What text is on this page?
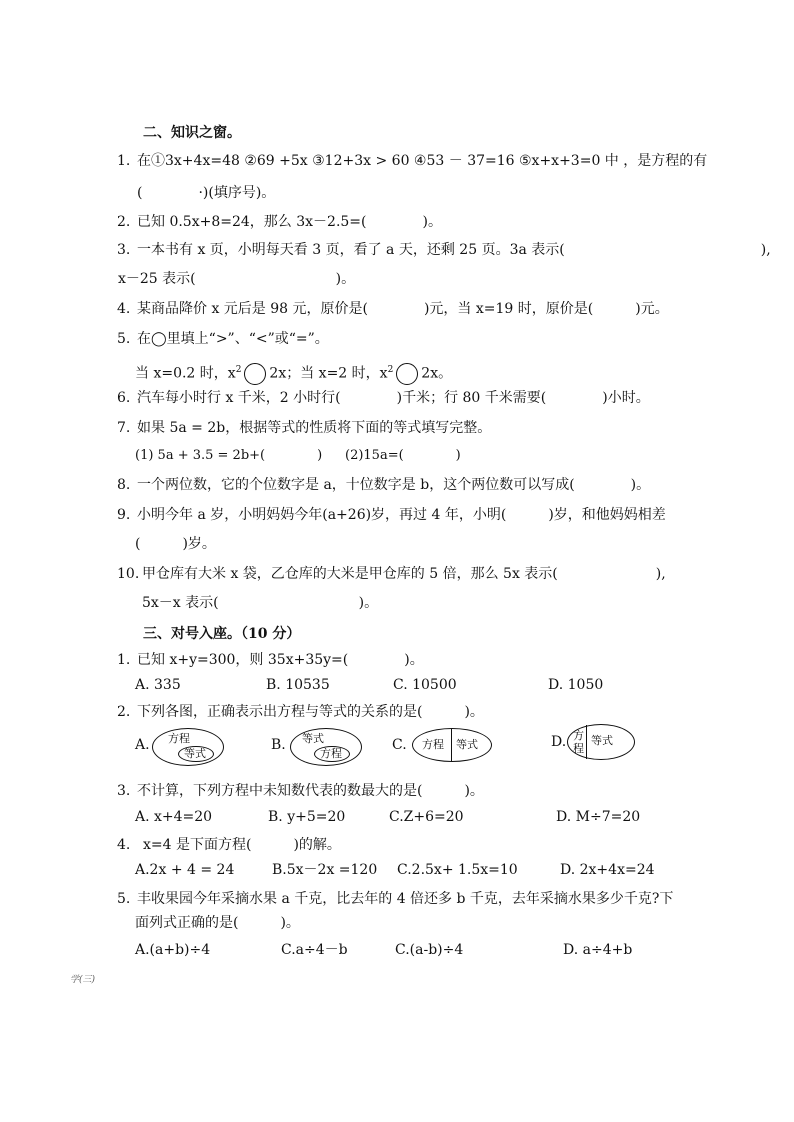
二、知识之窗。
1. 在①3x+4x=48 ②69 +5x ③12+3x > 60 ④53 － 37=16 ⑤x+x+3=0 中 ，是方程的有
(　　　　·)(填序号)。
2. 已知 0.5x+8=24，那么 3x－2.5=(　　　　)。
3. 一本书有 x 页，小明每天看 3 页，看了 a 天，还剩 25 页。3a 表示(　　　　　　　　　　　　　　),
x－25 表示(　　　　　　　　　　)。
4. 某商品降价 x 元后是 98 元，原价是(　　　　)元，当 x=19 时，原价是(　　　)元。
5. 在◯里填上“>”、“<”或“=”。
当 x=0.2 时，$x^2$ 2x；当 x=2 时，$x^2$ 2x。
6. 汽车每小时行 x 千米，2 小时行(　　　　)千米；行 80 千米需要(　　　　)小时。
7. 如果 5a = 2b，根据等式的性质将下面的等式填写完整。
(1) 5a + 3.5 = 2b+(　　　　) (2)15a=(　　　　)
8. 一个两位数，它的个位数字是 a，十位数字是 b，这个两位数可以写成(　　　　)。
9. 小明今年 a 岁，小明妈妈今年(a+26)岁，再过 4 年，小明(　　　)岁，和他妈妈相差
(　　　)岁。
10. 甲仓库有大米 x 袋，乙仓库的大米是甲仓库的 5 倍，那么 5x 表示(　　　　　　　),
5x－x 表示(　　　　　　　　　　)。
三、对号入座。（10 分）
1. 已知 x+y=300，则 35x+35y=(　　　　)。
A. 335	B. 10535	C. 10500	D. 1050
2. 下列各图，正确表示出方程与等式的关系的是(　　　)。
A. 方程
等式
B. 等式
方程
C. 方程 等式	D. 方
程
等式
3. 不计算，下列方程中未知数代表的数最大的是(　　　)。
A. x+4=20	B. y+5=20	C.Z+6=20	D. M÷7=20
4. x=4 是下面方程(　　　)的解。
A.2x + 4 = 24	B.5x－2x =120 C.2.5x+ 1.5x=10	D. 2x+4x=24
5. 丰收果园今年采摘水果 a 千克，比去年的 4 倍还多 b 千克，去年采摘水果多少千克?下
面列式正确的是(　　　)。
A.(a+b)÷4	C.a÷4－b	C.(a-b)÷4	D. a÷4+b
学(三)
